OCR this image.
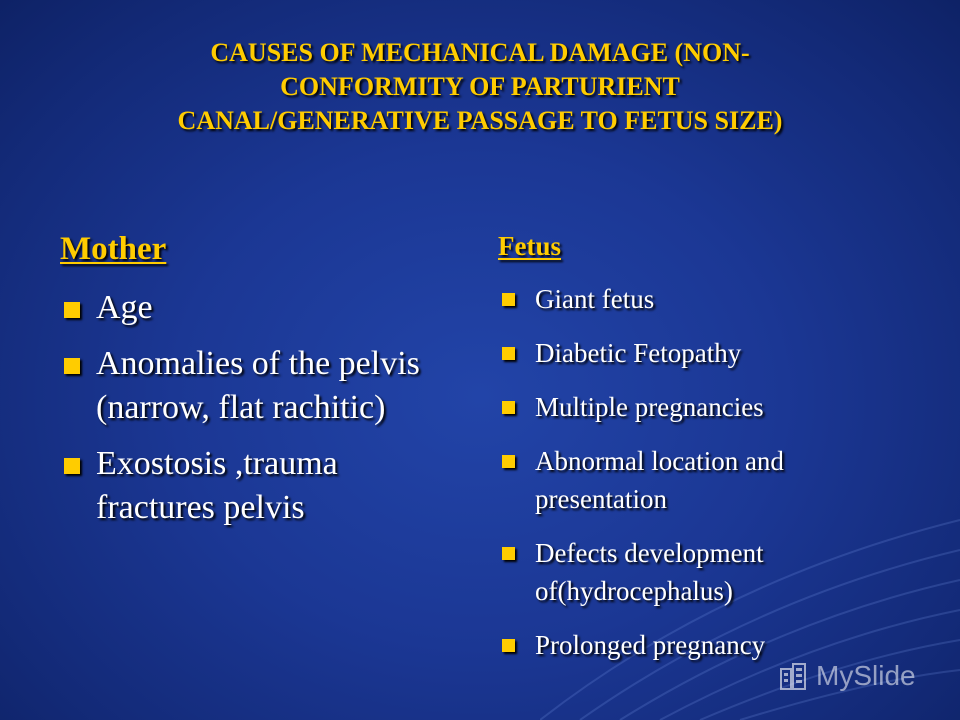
CAUSES OF MECHANICAL DAMAGE (NON-
CONFORMITY OF PARTURIENT
CANAL/GENERATIVE PASSAGE TO FETUS SIZE)
Mother
Age
Anomalies of the pelvis (narrow, flat rachitic)
Exostosis ,trauma fractures pelvis
Fetus
Giant fetus
Diabetic Fetopathy
Multiple pregnancies
Abnormal location and presentation
Defects development of(hydrocephalus)
Prolonged pregnancy
MySlide
